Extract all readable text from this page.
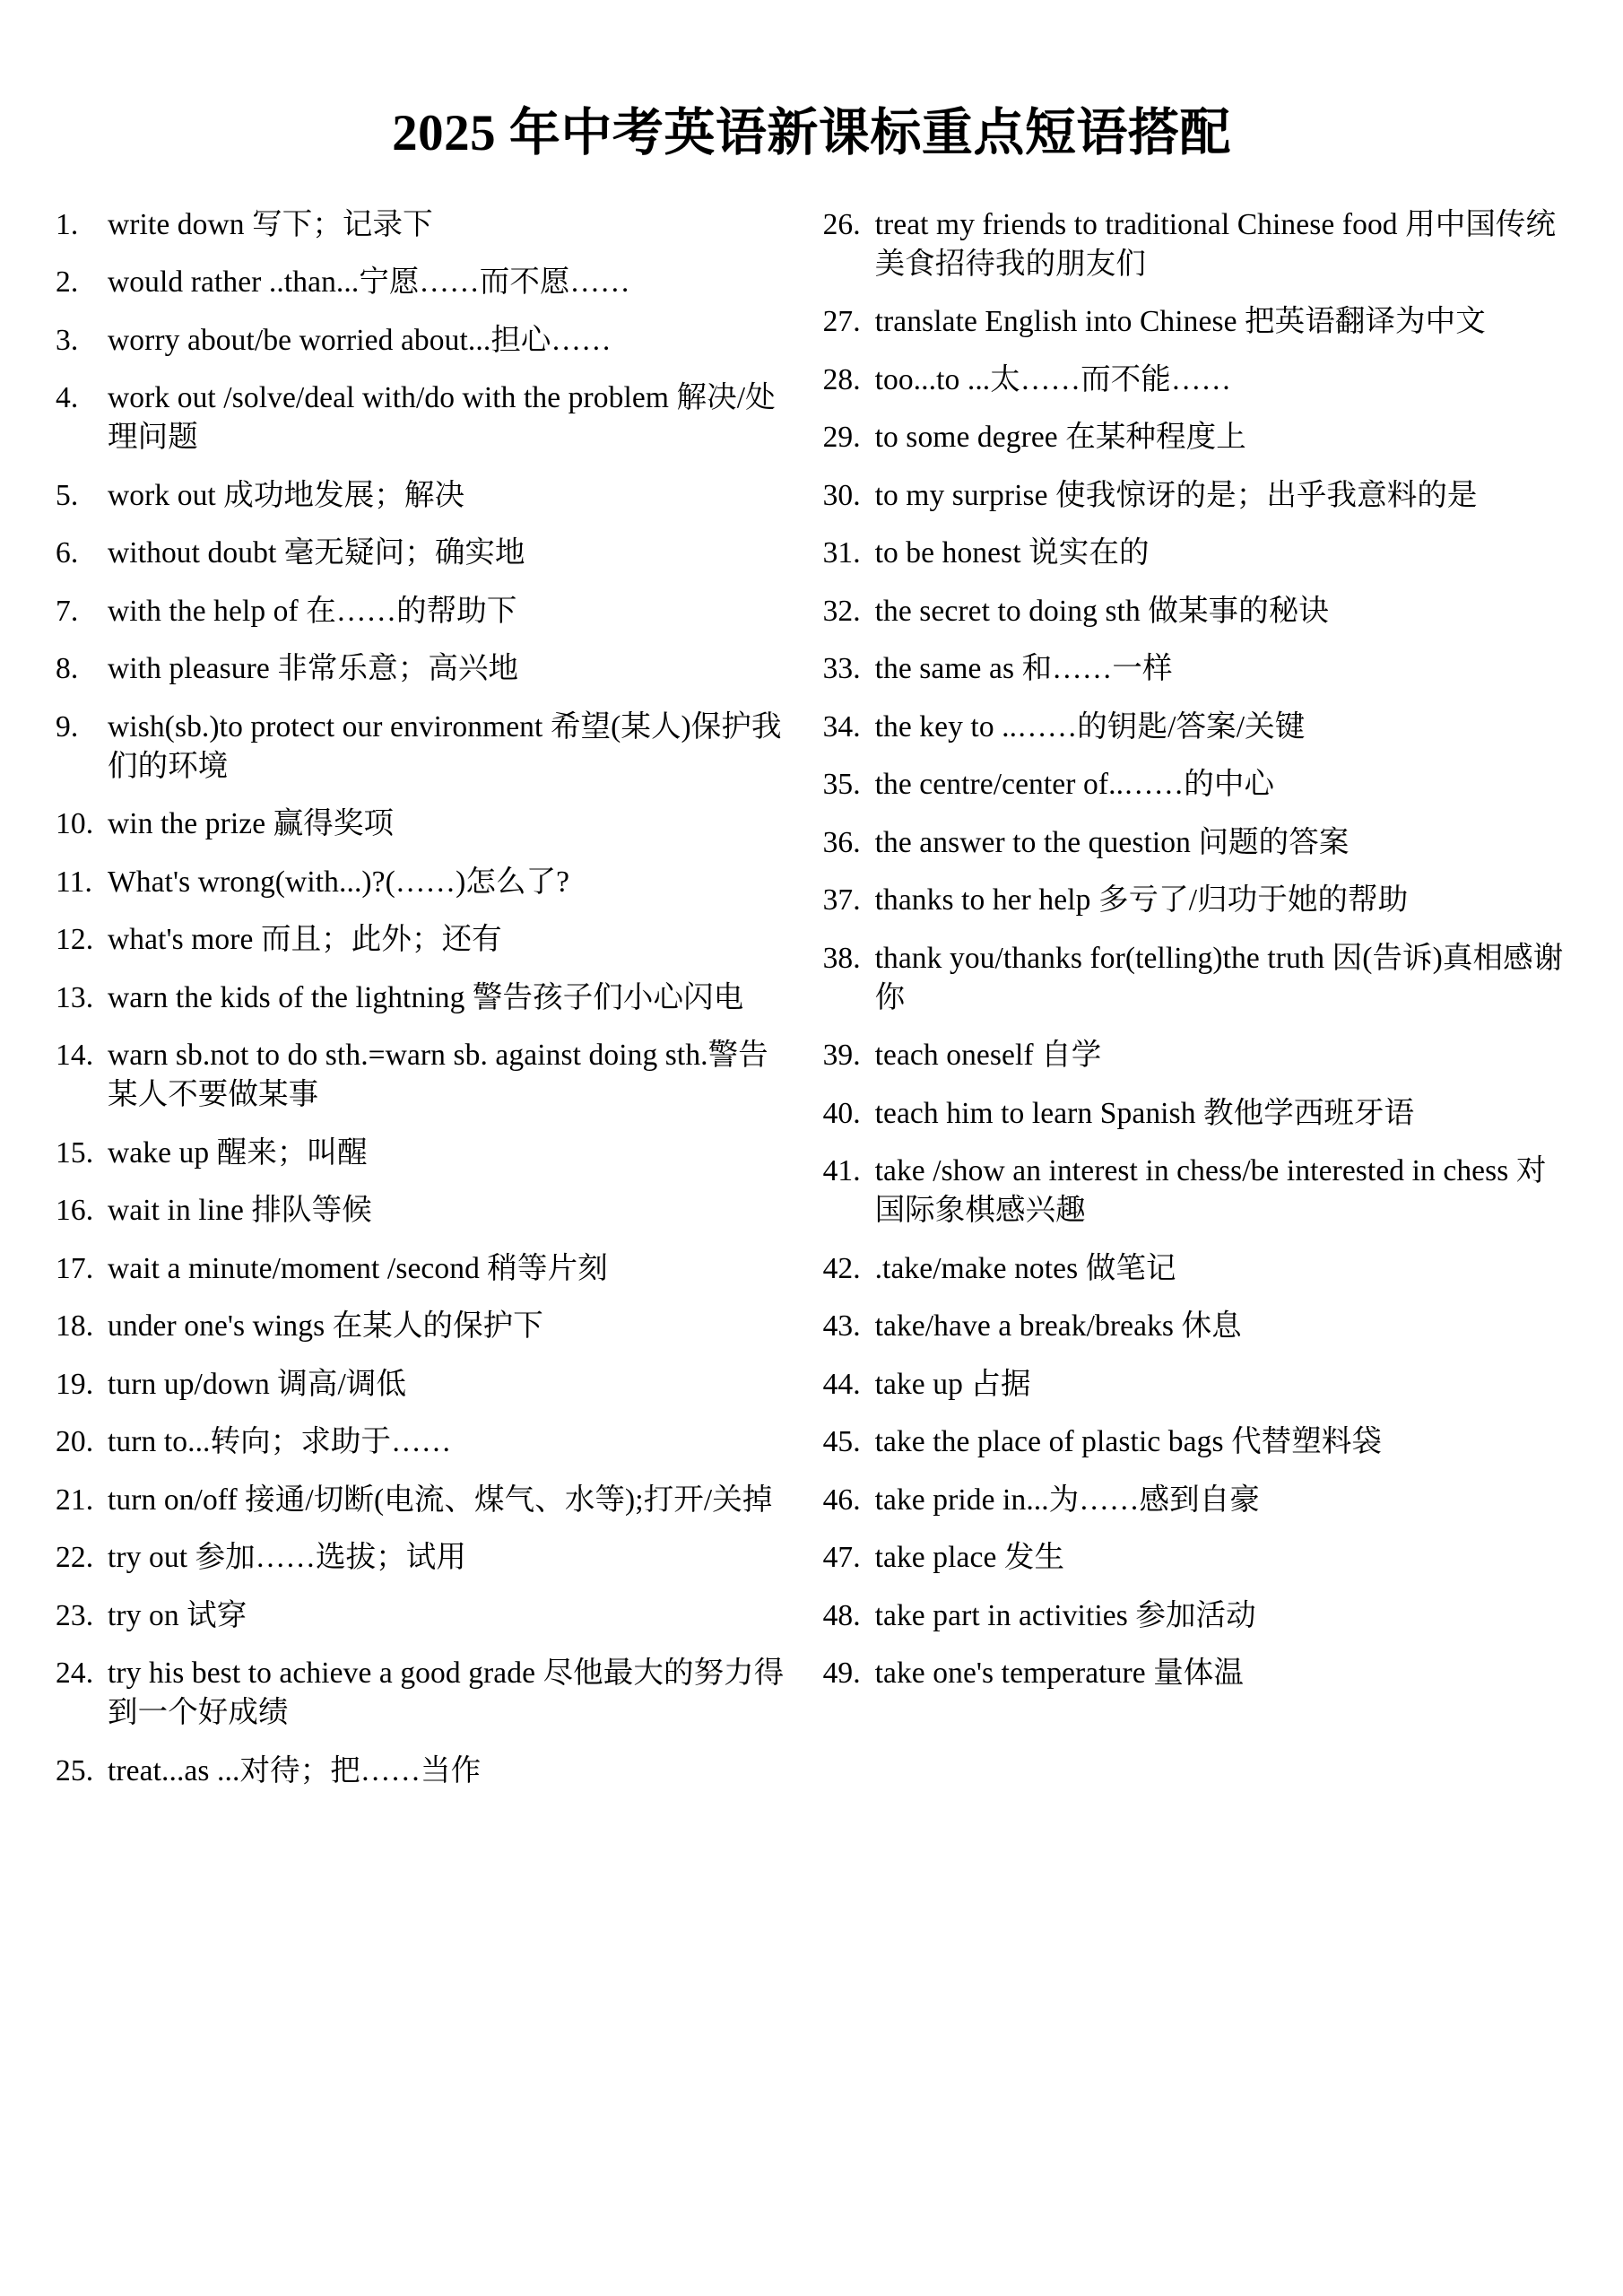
2025 年中考英语新课标重点短语搭配
1. write down 写下；记录下
2. would rather ..than...宁愿……而不愿……
3. worry about/be worried about...担心……
4. work out /solve/deal with/do with the problem 解决/处理问题
5. work out 成功地发展；解决
6. without doubt 毫无疑问；确实地
7. with the help of 在……的帮助下
8. with pleasure 非常乐意；高兴地
9. wish(sb.)to protect our environment 希望(某人)保护我们的环境
10. win the prize 赢得奖项
11. What's wrong(with...)?(……)怎么了?
12. what's more 而且；此外；还有
13. warn the kids of the lightning 警告孩子们小心闪电
14. warn sb.not to do sth.=warn sb. against doing sth.警告某人不要做某事
15. wake up 醒来；叫醒
16. wait in line 排队等候
17. wait a minute/moment /second 稍等片刻
18. under one's wings 在某人的保护下
19. turn up/down 调高/调低
20. turn to...转向；求助于……
21. turn on/off 接通/切断(电流、煤气、水等);打开/关掉
22. try out 参加……选拔；试用
23. try on 试穿
24. try his best to achieve a good grade 尽他最大的努力得到一个好成绩
25. treat...as ...对待；把……当作
26. treat my friends to traditional Chinese food 用中国传统美食招待我的朋友们
27. translate English into Chinese 把英语翻译为中文
28. too...to ...太……而不能……
29. to some degree 在某种程度上
30. to my surprise 使我惊讶的是；出乎我意料的是
31. to be honest 说实在的
32. the secret to doing sth 做某事的秘诀
33. the same as 和……一样
34. the key to ..……的钥匙/答案/关键
35. the centre/center of..……的中心
36. the answer to the question 问题的答案
37. thanks to her help 多亏了/归功于她的帮助
38. thank you/thanks for(telling)the truth 因(告诉)真相感谢你
39. teach oneself 自学
40. teach him to learn Spanish 教他学西班牙语
41. take /show an interest in chess/be interested in chess 对国际象棋感兴趣
42. .take/make notes 做笔记
43. take/have a break/breaks 休息
44. take up 占据
45. take the place of plastic bags 代替塑料袋
46. take pride in...为……感到自豪
47. take place 发生
48. take part in activities 参加活动
49. take one's temperature 量体温
